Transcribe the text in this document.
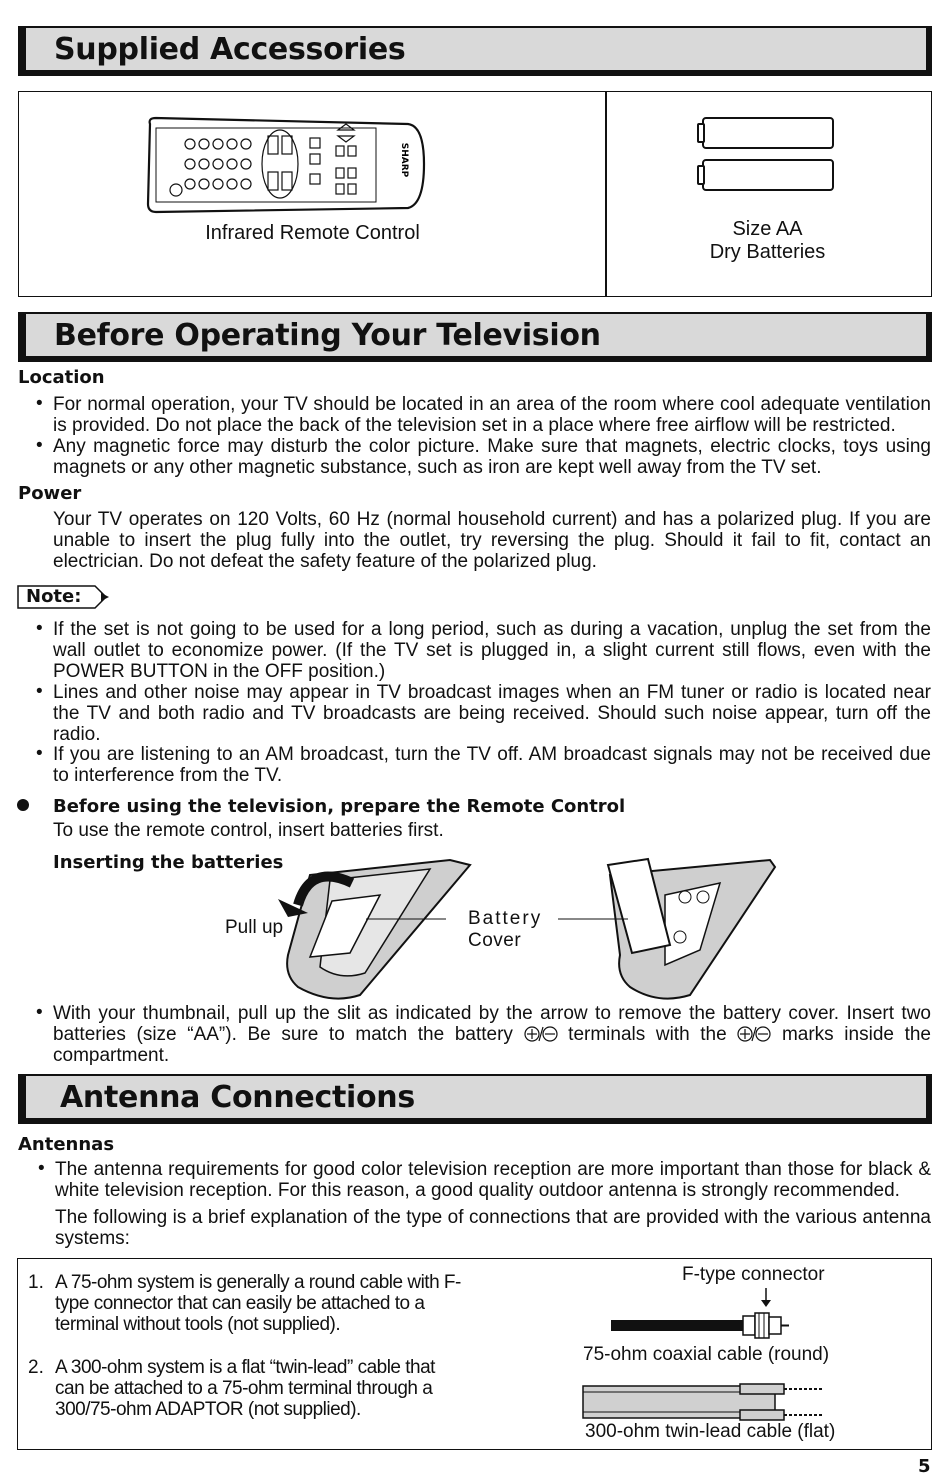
Supplied Accessories
SHARP
Infrared Remote Control	Size AA
Dry Batteries
Before Operating Your Television
Location
• For normal operation, your TV should be located in an area of the room where cool adequate ventilation is provided. Do not place the back of the television set in a place where free airflow will be restricted.
• Any magnetic force may disturb the color picture. Make sure that magnets, electric clocks, toys using magnets or any other magnetic substance, such as iron are kept well away from the TV set.
Power
Your TV operates on 120 Volts, 60 Hz (normal household current) and has a polarized plug. If you are unable to insert the plug fully into the outlet, try reversing the plug. Should it fail to fit, contact an electrician. Do not defeat the safety feature of the polarized plug.
Note:
• If the set is not going to be used for a long period, such as during a vacation, unplug the set from the wall outlet to economize power. (If the TV set is plugged in, a slight current still flows, even with the POWER BUTTON in the OFF position.)
• Lines and other noise may appear in TV broadcast images when an FM tuner or radio is located near the TV and both radio and TV broadcasts are being received. Should such noise appear, turn off the radio.
• If you are listening to an AM broadcast, turn the TV off. AM broadcast signals may not be received due to interference from the TV.
Before using the television, prepare the Remote Control
To use the remote control, insert batteries first.
Inserting the batteries
Pull up	Battery
Cover
• With your thumbnail, pull up the slit as indicated by the arrow to remove the battery cover. Insert two batteries (size “AA”). Be sure to match the battery  terminals with the  marks inside the compartment.
Antenna Connections
Antennas
• The antenna requirements for good color television reception are more important than those for black & white television reception. For this reason, a good quality outdoor antenna is strongly recommended.
The following is a brief explanation of the type of connections that are provided with the various antenna systems:
1. A 75-ohm system is generally a round cable with F-type connector that can easily be attached to a terminal without tools (not supplied).
2. A 300-ohm system is a flat “twin-lead” cable that can be attached to a 75-ohm terminal through a 300/75-ohm ADAPTOR (not supplied).
F-type connector
75-ohm coaxial cable (round)
300-ohm twin-lead cable (flat)
5
